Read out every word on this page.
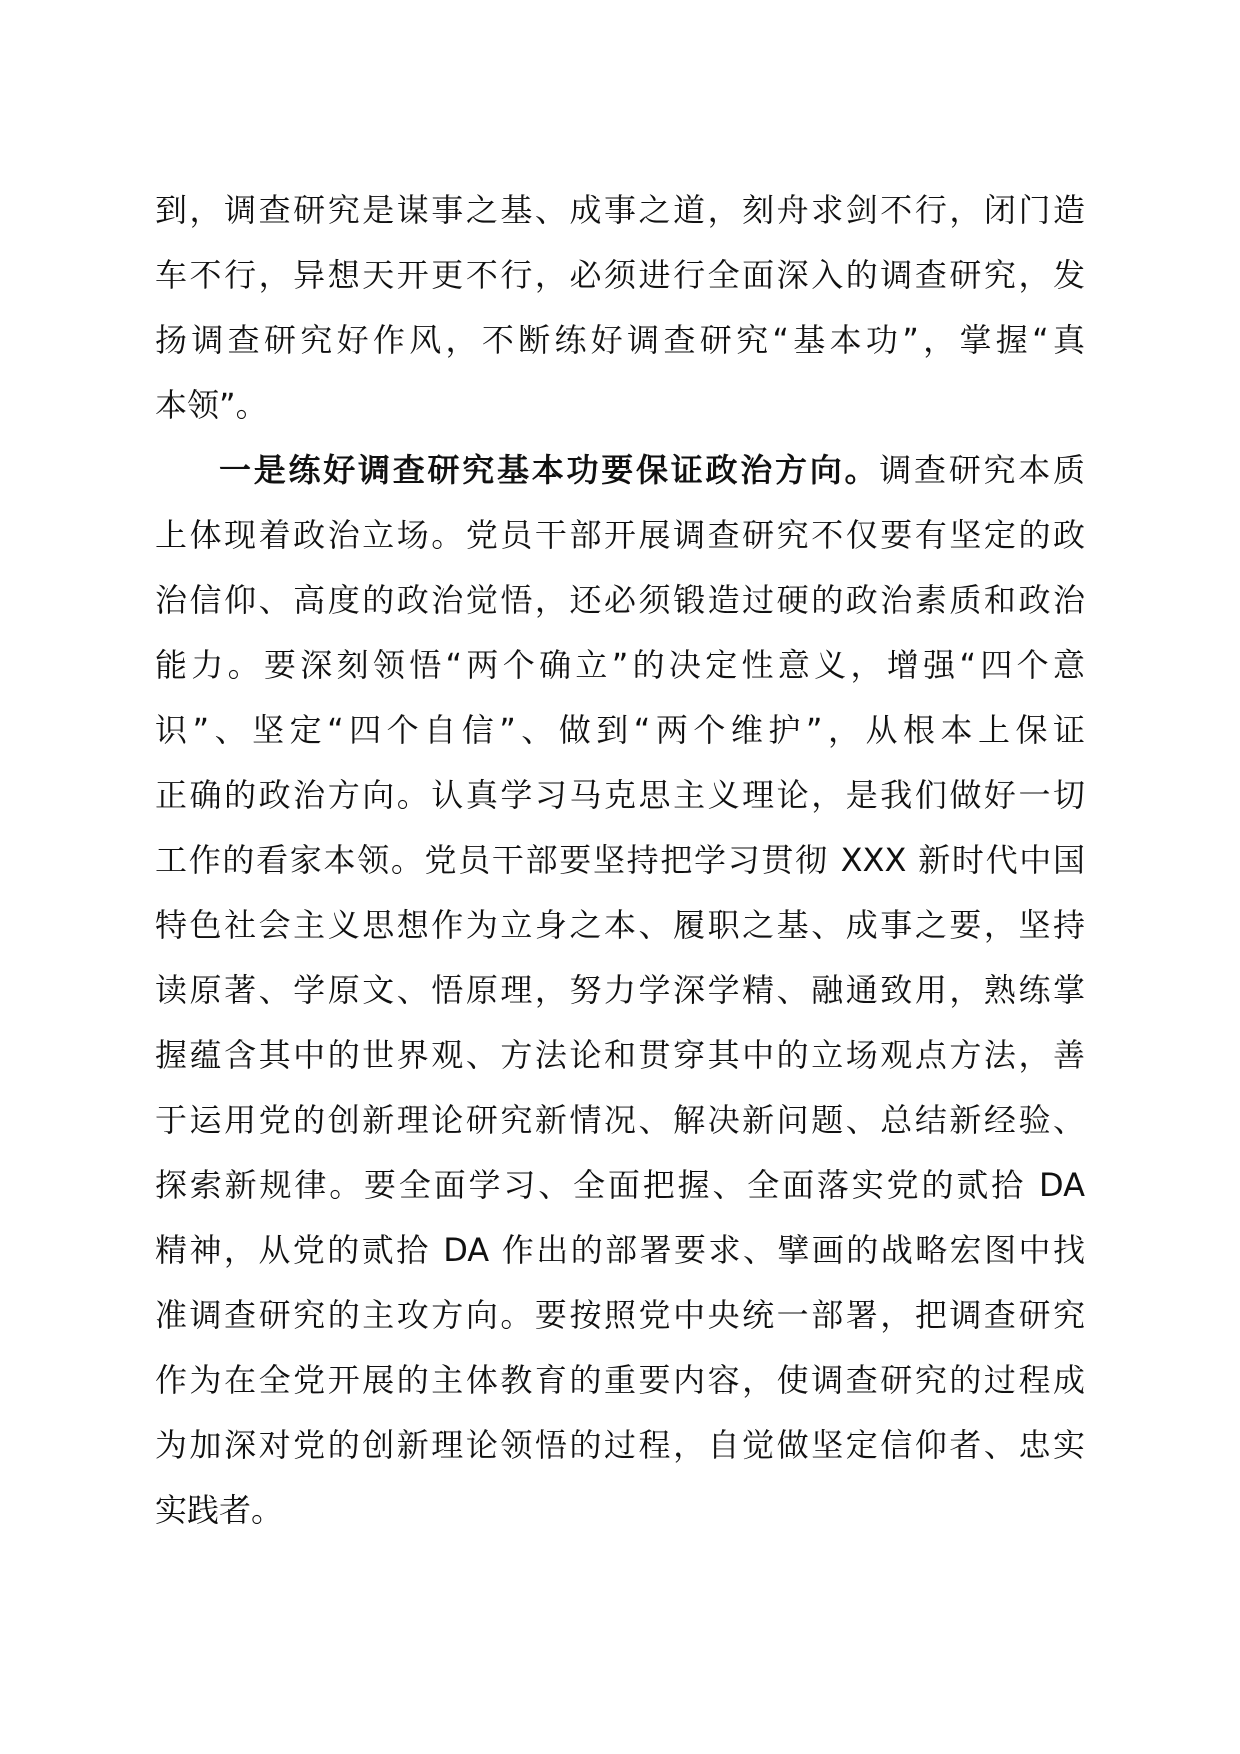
到，调查研究是谋事之基、成事之道，刻舟求剑不行，闭门造
车不行，异想天开更不行，必须进行全面深入的调查研究，发
扬调查研究好作风，不断练好调查研究“基本功”，掌握“真
本领”。
一是练好调查研究基本功要保证政治方向。调查研究本质
上体现着政治立场。党员干部开展调查研究不仅要有坚定的政
治信仰、高度的政治觉悟，还必须锻造过硬的政治素质和政治
能力。要深刻领悟“两个确立”的决定性意义，增强“四个意
识”、坚定“四个自信”、做到“两个维护”，从根本上保证
正确的政治方向。认真学习马克思主义理论，是我们做好一切
工作的看家本领。党员干部要坚持把学习贯彻 XXX 新时代中国
特色社会主义思想作为立身之本、履职之基、成事之要，坚持
读原著、学原文、悟原理，努力学深学精、融通致用，熟练掌
握蕴含其中的世界观、方法论和贯穿其中的立场观点方法，善
于运用党的创新理论研究新情况、解决新问题、总结新经验、
探索新规律。要全面学习、全面把握、全面落实党的贰拾 DA
精神，从党的贰拾 DA 作出的部署要求、擘画的战略宏图中找
准调查研究的主攻方向。要按照党中央统一部署，把调查研究
作为在全党开展的主体教育的重要内容，使调查研究的过程成
为加深对党的创新理论领悟的过程，自觉做坚定信仰者、忠实
实践者。
